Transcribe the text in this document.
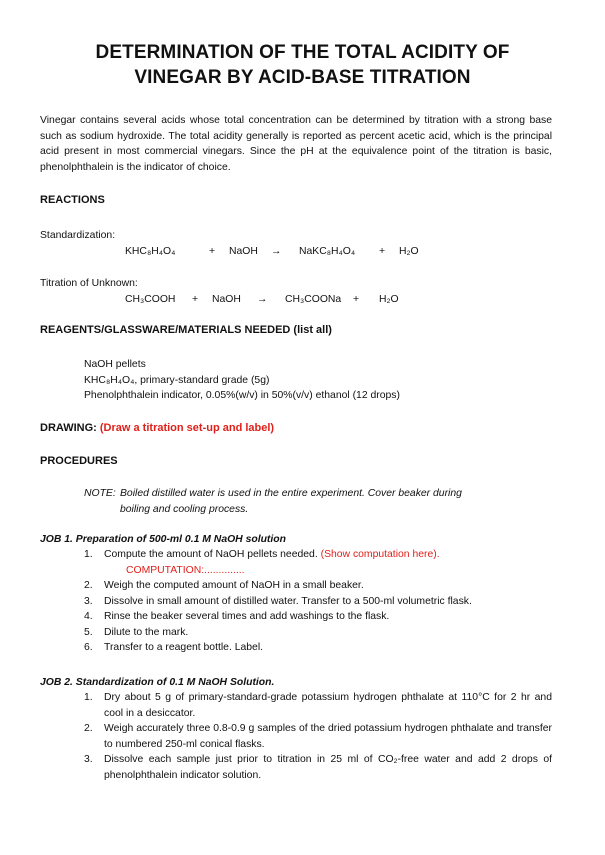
DETERMINATION OF THE TOTAL ACIDITY OF
VINEGAR BY ACID-BASE TITRATION

Vinegar contains several acids whose total concentration can be determined by titration with a strong base such as sodium hydroxide. The total acidity generally is reported as percent acetic acid, which is the principal acid present in most commercial vinegars. Since the pH at the equivalence point of the titration is basic, phenolphthalein is the indicator of choice.

REACTIONS

Standardization:

KHC₈H₄O₄	+ NaOH → NaKC₈H₄O₄ + H₂O

Titration of Unknown:

CH₃COOH + NaOH → CH₃COONa + H₂O

REAGENTS/GLASSWARE/MATERIALS NEEDED (list all)

NaOH pellets
KHC₈H₄O₄, primary-standard grade (5g)
Phenolphthalein indicator, 0.05%(w/v) in 50%(v/v) ethanol (12 drops)

DRAWING: (Draw a titration set-up and label)

PROCEDURES

NOTE: Boiled distilled water is used in the entire experiment. Cover beaker during
boiling and cooling process.

JOB 1. Preparation of 500-ml 0.1 M NaOH solution

1. Compute the amount of NaOH pellets needed. (Show computation here).
COMPUTATION:..............
2. Weigh the computed amount of NaOH in a small beaker.
3. Dissolve in small amount of distilled water. Transfer to a 500-ml volumetric flask.
4. Rinse the beaker several times and add washings to the flask.
5. Dilute to the mark.
6. Transfer to a reagent bottle. Label.

JOB 2. Standardization of 0.1 M NaOH Solution.

1. Dry about 5 g of primary-standard-grade potassium hydrogen phthalate at 110°C for 2 hr and cool in a desiccator.
2. Weigh accurately three 0.8-0.9 g samples of the dried potassium hydrogen phthalate and transfer to numbered 250-ml conical flasks.
3. Dissolve each sample just prior to titration in 25 ml of CO₂-free water and add 2 drops of phenolphthalein indicator solution.
